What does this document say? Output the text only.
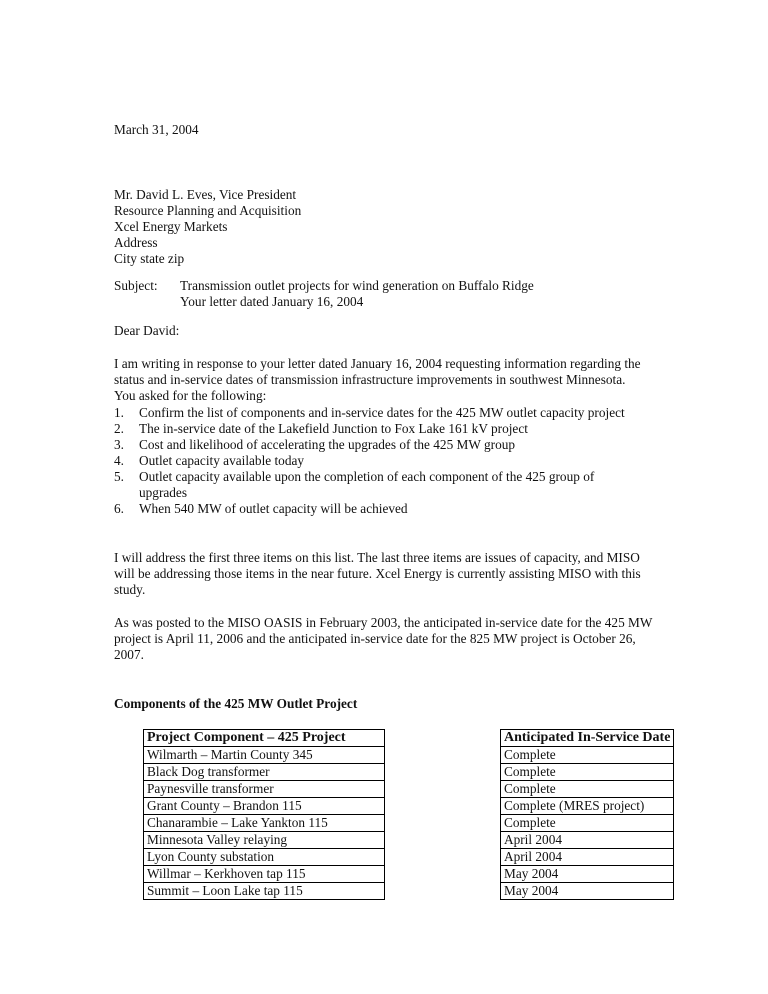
March 31, 2004

Mr. David L. Eves, Vice President
Resource Planning and Acquisition
Xcel Energy Markets
Address
City state zip
Subject: Transmission outlet projects for wind generation on Buffalo Ridge
Your letter dated January 16, 2004

Dear David:

I am writing in response to your letter dated January 16, 2004 requesting information regarding the
status and in-service dates of transmission infrastructure improvements in southwest Minnesota.
You asked for the following:
1. Confirm the list of components and in-service dates for the 425 MW outlet capacity project
2. The in-service date of the Lakefield Junction to Fox Lake 161 kV project
3. Cost and likelihood of accelerating the upgrades of the 425 MW group
4. Outlet capacity available today
5. Outlet capacity available upon the completion of each component of the 425 group of
upgrades
6. When 540 MW of outlet capacity will be achieved
I will address the first three items on this list. The last three items are issues of capacity, and MISO
will be addressing those items in the near future. Xcel Energy is currently assisting MISO with this
study.
As was posted to the MISO OASIS in February 2003, the anticipated in-service date for the 425 MW
project is April 11, 2006 and the anticipated in-service date for the 825 MW project is October 26,
2007.

Components of the 425 MW Outlet Project

Project Component – 425 Project
Wilmarth – Martin County 345
Black Dog transformer
Paynesville transformer
Grant County – Brandon 115
Chanarambie – Lake Yankton 115
Minnesota Valley relaying
Lyon County substation
Willmar – Kerkhoven tap 115
Summit – Loon Lake tap 115
Anticipated In-Service Date
Complete
Complete
Complete
Complete (MRES project)
Complete
April 2004
April 2004
May 2004
May 2004
